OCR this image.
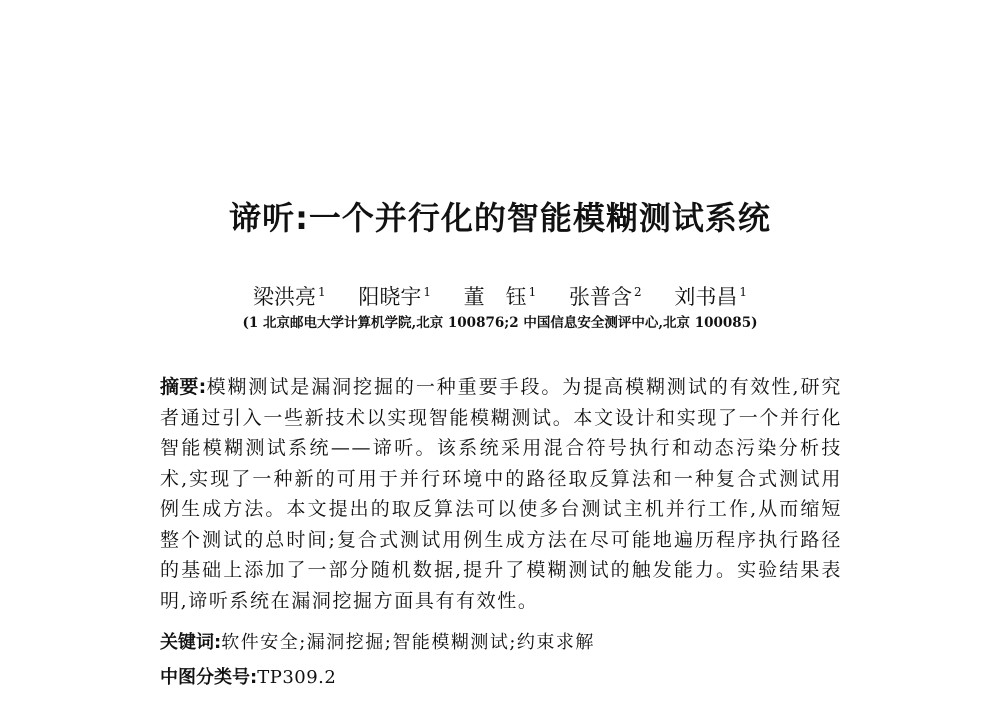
谛听:一个并行化的智能模糊测试系统
梁洪亮 $^1$ 阳晓宇 $^1$ 董　钰 $^1$ 张普含 $^2$ 刘书昌 $^1$
(1 北京邮电大学计算机学院,北京 100876;2 中国信息安全测评中心,北京 100085)
摘要:模糊测试是漏洞挖掘的一种重要手段。为提高模糊测试的有效性,研究者通过引入一些新技术以实现智能模糊测试。本文设计和实现了一个并行化智能模糊测试系统——谛听。该系统采用混合符号执行和动态污染分析技术,实现了一种新的可用于并行环境中的路径取反算法和一种复合式测试用例生成方法。本文提出的取反算法可以使多台测试主机并行工作,从而缩短整个测试的总时间;复合式测试用例生成方法在尽可能地遍历程序执行路径的基础上添加了一部分随机数据,提升了模糊测试的触发能力。实验结果表明,谛听系统在漏洞挖掘方面具有有效性。
关键词:软件安全;漏洞挖掘;智能模糊测试;约束求解
中图分类号:TP309.2
